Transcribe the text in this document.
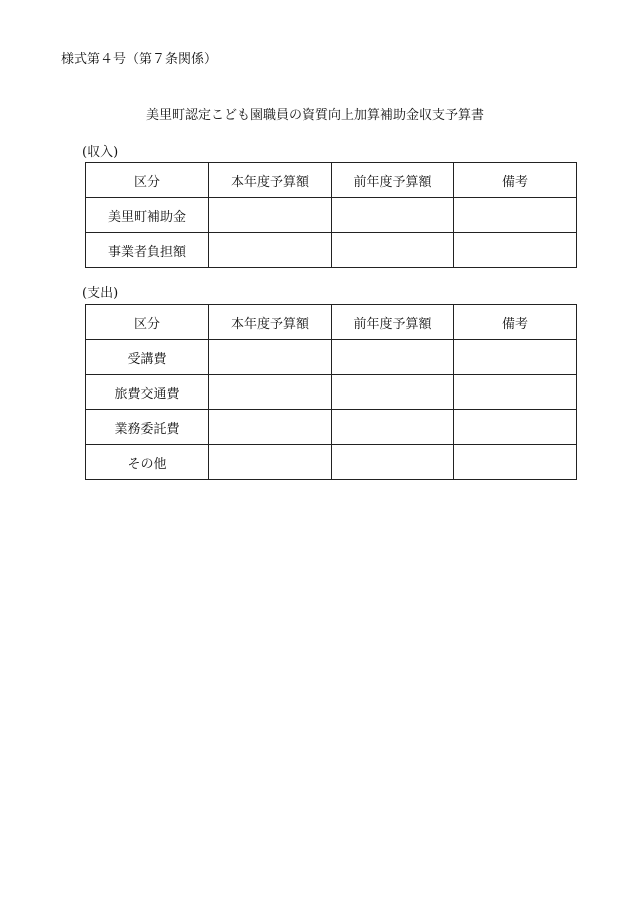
様式第４号（第７条関係）
美里町認定こども園職員の資質向上加算補助金収支予算書
(収入)
区分	本年度予算額	前年度予算額	備考
美里町補助金			
事業者負担額			
(支出)
区分	本年度予算額	前年度予算額	備考
受講費			
旅費交通費			
業務委託費			
その他			
